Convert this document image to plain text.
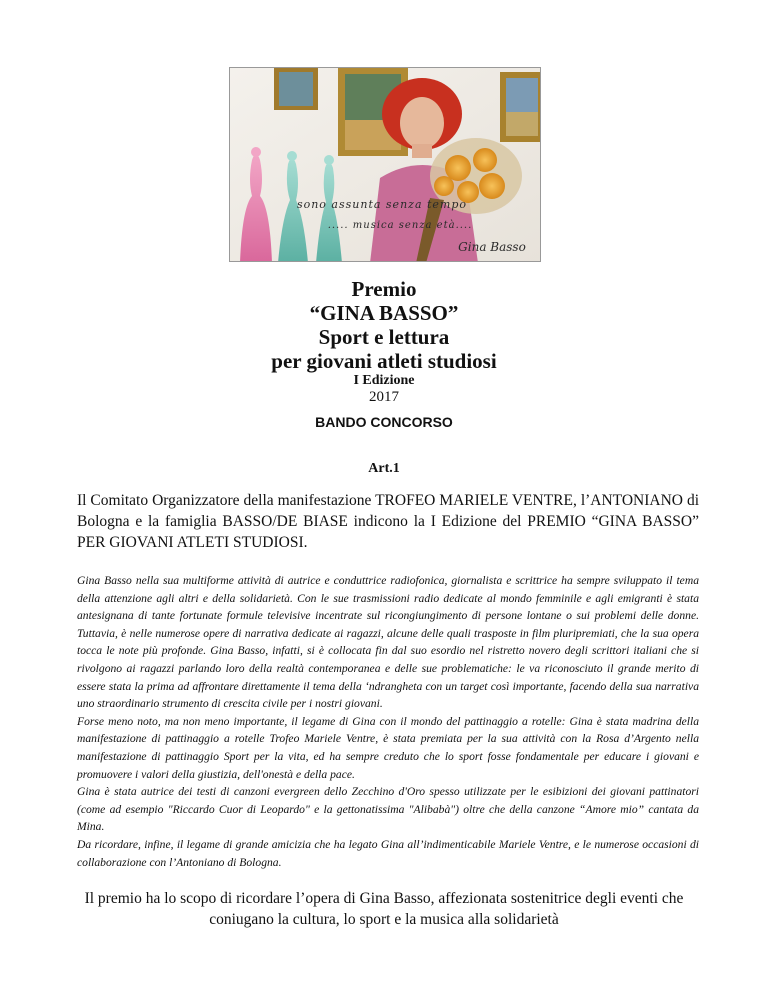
sono assunta senza tempo
..... musica senza età....
Gina Basso
Premio
“GINA BASSO”
Sport e lettura
per giovani atleti studiosi
I Edizione
2017
BANDO CONCORSO
Art.1
Il Comitato Organizzatore della manifestazione TROFEO MARIELE VENTRE, l’ANTONIANO di Bologna e la famiglia BASSO/DE BIASE indicono la I Edizione del PREMIO “GINA BASSO” PER GIOVANI ATLETI STUDIOSI.

Gina Basso nella sua multiforme attività di autrice e conduttrice radiofonica, giornalista e scrittrice ha sempre sviluppato il tema della attenzione agli altri e della solidarietà. Con le sue trasmissioni radio dedicate al mondo femminile e agli emigranti è stata antesignana di tante fortunate formule televisive incentrate sul ricongiungimento di persone lontane o sui problemi delle donne. Tuttavia, è nelle numerose opere di narrativa dedicate ai ragazzi, alcune delle quali trasposte in film pluripremiati, che la sua opera tocca le note più profonde. Gina Basso, infatti, si è collocata fin dal suo esordio nel ristretto novero degli scrittori italiani che si rivolgono ai ragazzi parlando loro della realtà contemporanea e delle sue problematiche: le va riconosciuto il grande merito di essere stata la prima ad affrontare direttamente il tema della ‘ndrangheta con un target così importante, facendo della sua narrativa uno straordinario strumento di crescita civile per i nostri giovani.

Forse meno noto, ma non meno importante, il legame di Gina con il mondo del pattinaggio a rotelle: Gina è stata madrina della manifestazione di pattinaggio a rotelle Trofeo Mariele Ventre, è stata premiata per la sua attività con la Rosa d’Argento nella manifestazione di pattinaggio Sport per la vita, ed ha sempre creduto che lo sport fosse fondamentale per educare i giovani e promuovere i valori della giustizia, dell'onestà e della pace.

Gina è stata autrice dei testi di canzoni evergreen dello Zecchino d'Oro spesso utilizzate per le esibizioni dei giovani pattinatori (come ad esempio "Riccardo Cuor di Leopardo" e la gettonatissima "Alibabà") oltre che della canzone “Amore mio” cantata da Mina.

Da ricordare, infine, il legame di grande amicizia che ha legato Gina all’indimenticabile Mariele Ventre, e le numerose occasioni di collaborazione con l’Antoniano di Bologna.

Il premio ha lo scopo di ricordare l’opera di Gina Basso, affezionata sostenitrice degli eventi che coniugano la cultura, lo sport e la musica alla solidarietà
